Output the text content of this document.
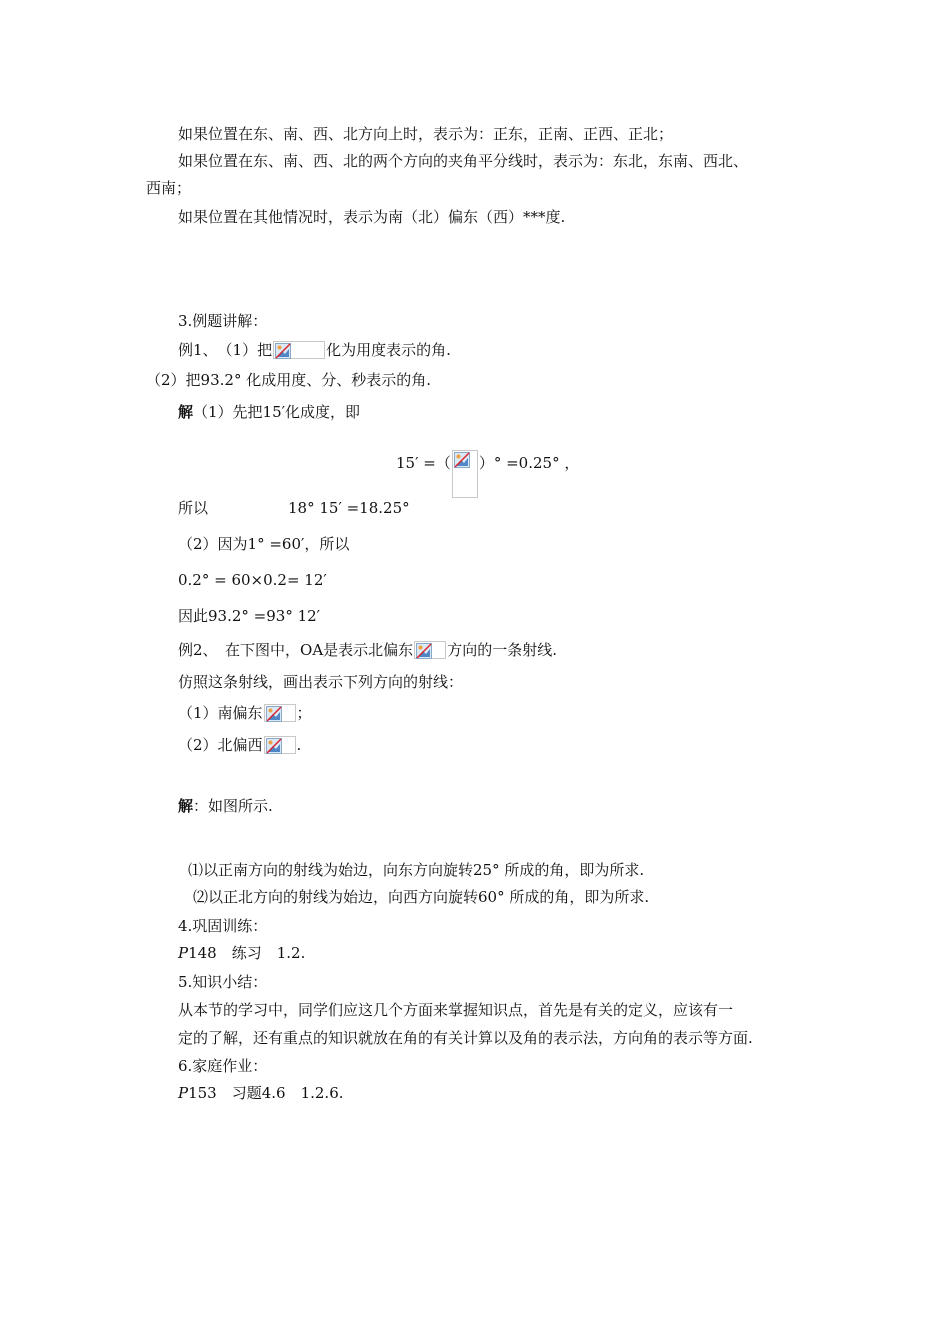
如果位置在东、南、西、北方向上时，表示为：正东，正南、正西、正北；
如果位置在东、南、西、北的两个方向的夹角平分线时，表示为：东北，东南、西北、
西南；
如果位置在其他情况时，表示为南（北）偏东（西）***度.
3.例题讲解：
例1、　（1）把	化为用度表示的角.
（2）把93.2° 化成用度、分、秒表示的角.
解（1）先把15′化成度，即
15′ =（ ）° =0.25° ，
所以	18° 15′ =18.25°
（2）因为1° =60′，所以
0.2° = 60×0.2= 12′
因此93.2° =93° 12′
例2、　在下图中，OA是表示北偏东 方向的一条射线.
仿照这条射线，画出表示下列方向的射线：
（1）南偏东 ；
（2）北偏西 .
解：如图所示.
⑴以正南方向的射线为始边，向东方向旋转25° 所成的角，即为所求.
⑵以正北方向的射线为始边，向西方向旋转60° 所成的角，即为所求.
4.巩固训练：
P148　练习　1.2.
5.知识小结：
从本节的学习中，同学们应这几个方面来掌握知识点，首先是有关的定义，应该有一
定的了解，还有重点的知识就放在角的有关计算以及角的表示法，方向角的表示等方面.
6.家庭作业：
P153　习题4.6　1.2.6.
